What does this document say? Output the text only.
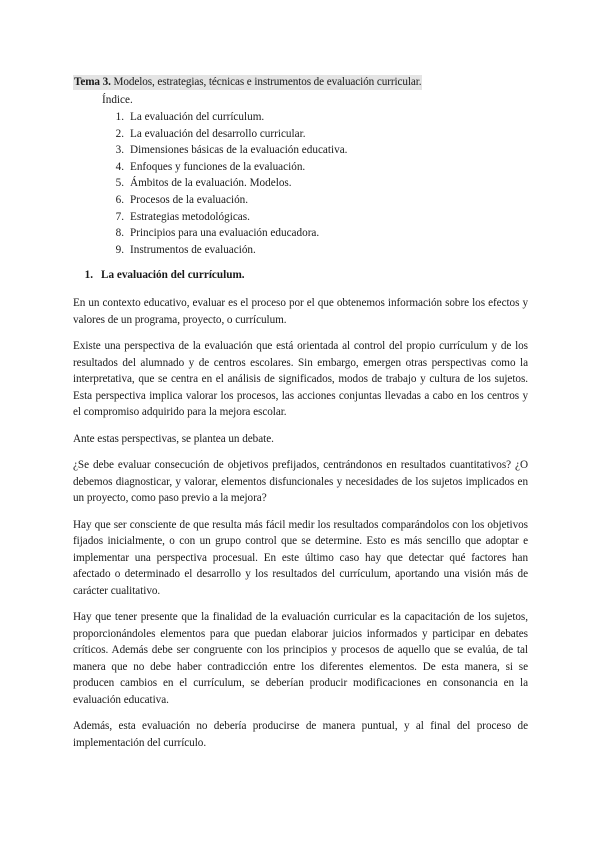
Tema 3. Modelos, estrategias, técnicas e instrumentos de evaluación curricular.
Índice.
1. La evaluación del currículum.
2. La evaluación del desarrollo curricular.
3. Dimensiones básicas de la evaluación educativa.
4. Enfoques y funciones de la evaluación.
5. Ámbitos de la evaluación. Modelos.
6. Procesos de la evaluación.
7. Estrategias metodológicas.
8. Principios para una evaluación educadora.
9. Instrumentos de evaluación.
1. La evaluación del currículum.

En un contexto educativo, evaluar es el proceso por el que obtenemos información sobre los efectos y valores de un programa, proyecto, o currículum.

Existe una perspectiva de la evaluación que está orientada al control del propio currículum y de los resultados del alumnado y de centros escolares. Sin embargo, emergen otras perspectivas como la interpretativa, que se centra en el análisis de significados, modos de trabajo y cultura de los sujetos. Esta perspectiva implica valorar los procesos, las acciones conjuntas llevadas a cabo en los centros y el compromiso adquirido para la mejora escolar.

Ante estas perspectivas, se plantea un debate.

¿Se debe evaluar consecución de objetivos prefijados, centrándonos en resultados cuantitativos? ¿O debemos diagnosticar, y valorar, elementos disfuncionales y necesidades de los sujetos implicados en un proyecto, como paso previo a la mejora?

Hay que ser consciente de que resulta más fácil medir los resultados comparándolos con los objetivos fijados inicialmente, o con un grupo control que se determine. Esto es más sencillo que adoptar e implementar una perspectiva procesual. En este último caso hay que detectar qué factores han afectado o determinado el desarrollo y los resultados del currículum, aportando una visión más de carácter cualitativo.

Hay que tener presente que la finalidad de la evaluación curricular es la capacitación de los sujetos, proporcionándoles elementos para que puedan elaborar juicios informados y participar en debates críticos. Además debe ser congruente con los principios y procesos de aquello que se evalúa, de tal manera que no debe haber contradicción entre los diferentes elementos. De esta manera, si se producen cambios en el currículum, se deberían producir modificaciones en consonancia en la evaluación educativa.

Además, esta evaluación no debería producirse de manera puntual, y al final del proceso de implementación del currículo.
